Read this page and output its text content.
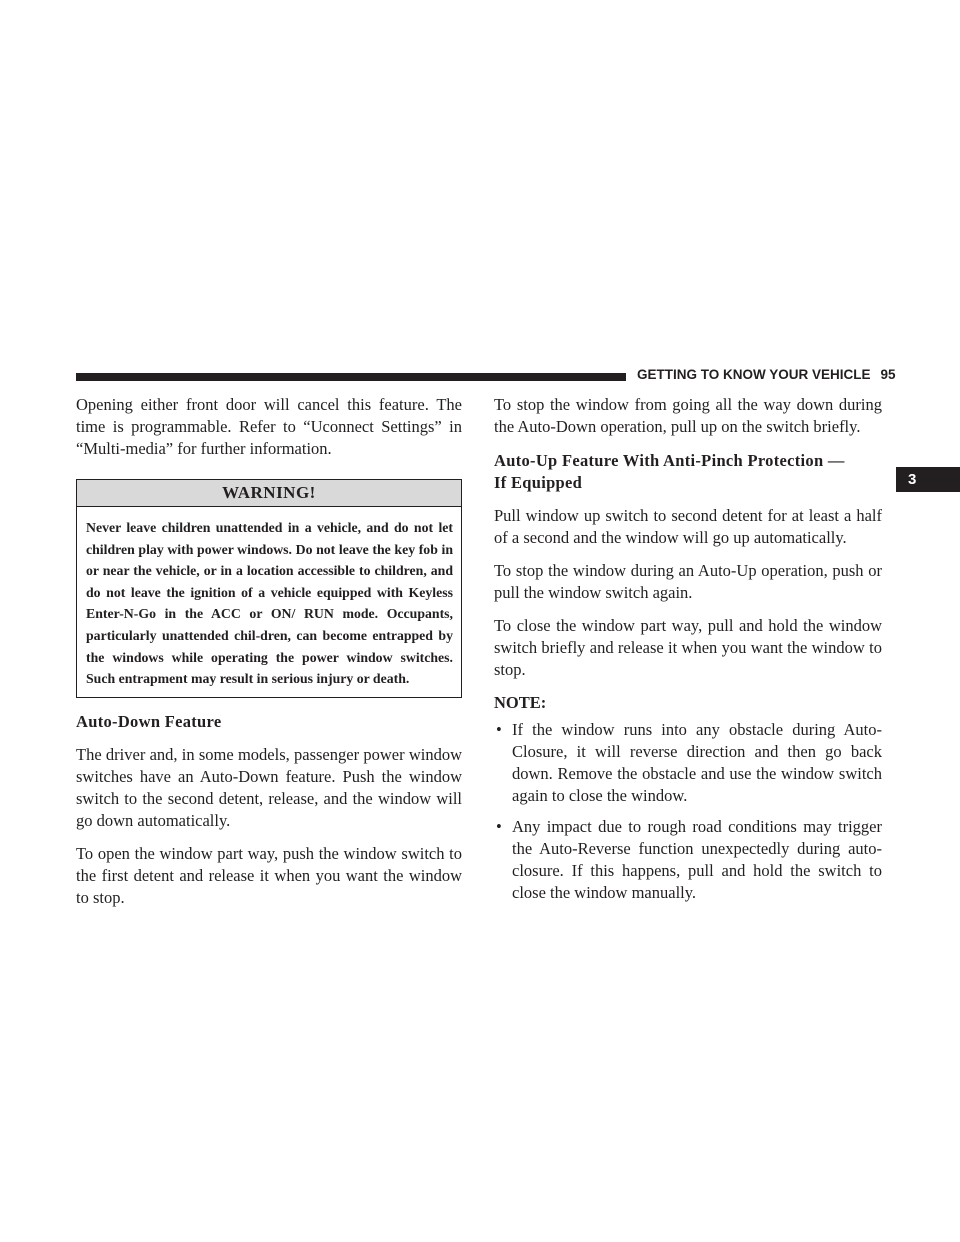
GETTING TO KNOW YOUR VEHICLE 95
3

Opening either front door will cancel this feature. The time is programmable. Refer to “Uconnect Settings” in “Multi-media” for further information.

WARNING!
Never leave children unattended in a vehicle, and do not let children play with power windows. Do not leave the key fob in or near the vehicle, or in a location accessible to children, and do not leave the ignition of a vehicle equipped with Keyless Enter-N-Go in the ACC or ON/ RUN mode. Occupants, particularly unattended chil-dren, can become entrapped by the windows while operating the power window switches. Such entrapment may result in serious injury or death.
Auto-Down Feature

The driver and, in some models, passenger power window switches have an Auto-Down feature. Push the window switch to the second detent, release, and the window will go down automatically.

To open the window part way, push the window switch to the first detent and release it when you want the window to stop.

To stop the window from going all the way down during the Auto-Down operation, pull up on the switch briefly.

Auto-Up Feature With Anti-Pinch Protection —
If Equipped

Pull window up switch to second detent for at least a half of a second and the window will go up automatically.

To stop the window during an Auto-Up operation, push or pull the window switch again.

To close the window part way, pull and hold the window switch briefly and release it when you want the window to stop.

NOTE:
• If the window runs into any obstacle during Auto-Closure, it will reverse direction and then go back down. Remove the obstacle and use the window switch again to close the window.
• Any impact due to rough road conditions may trigger the Auto-Reverse function unexpectedly during auto-closure. If this happens, pull and hold the switch to close the window manually.
